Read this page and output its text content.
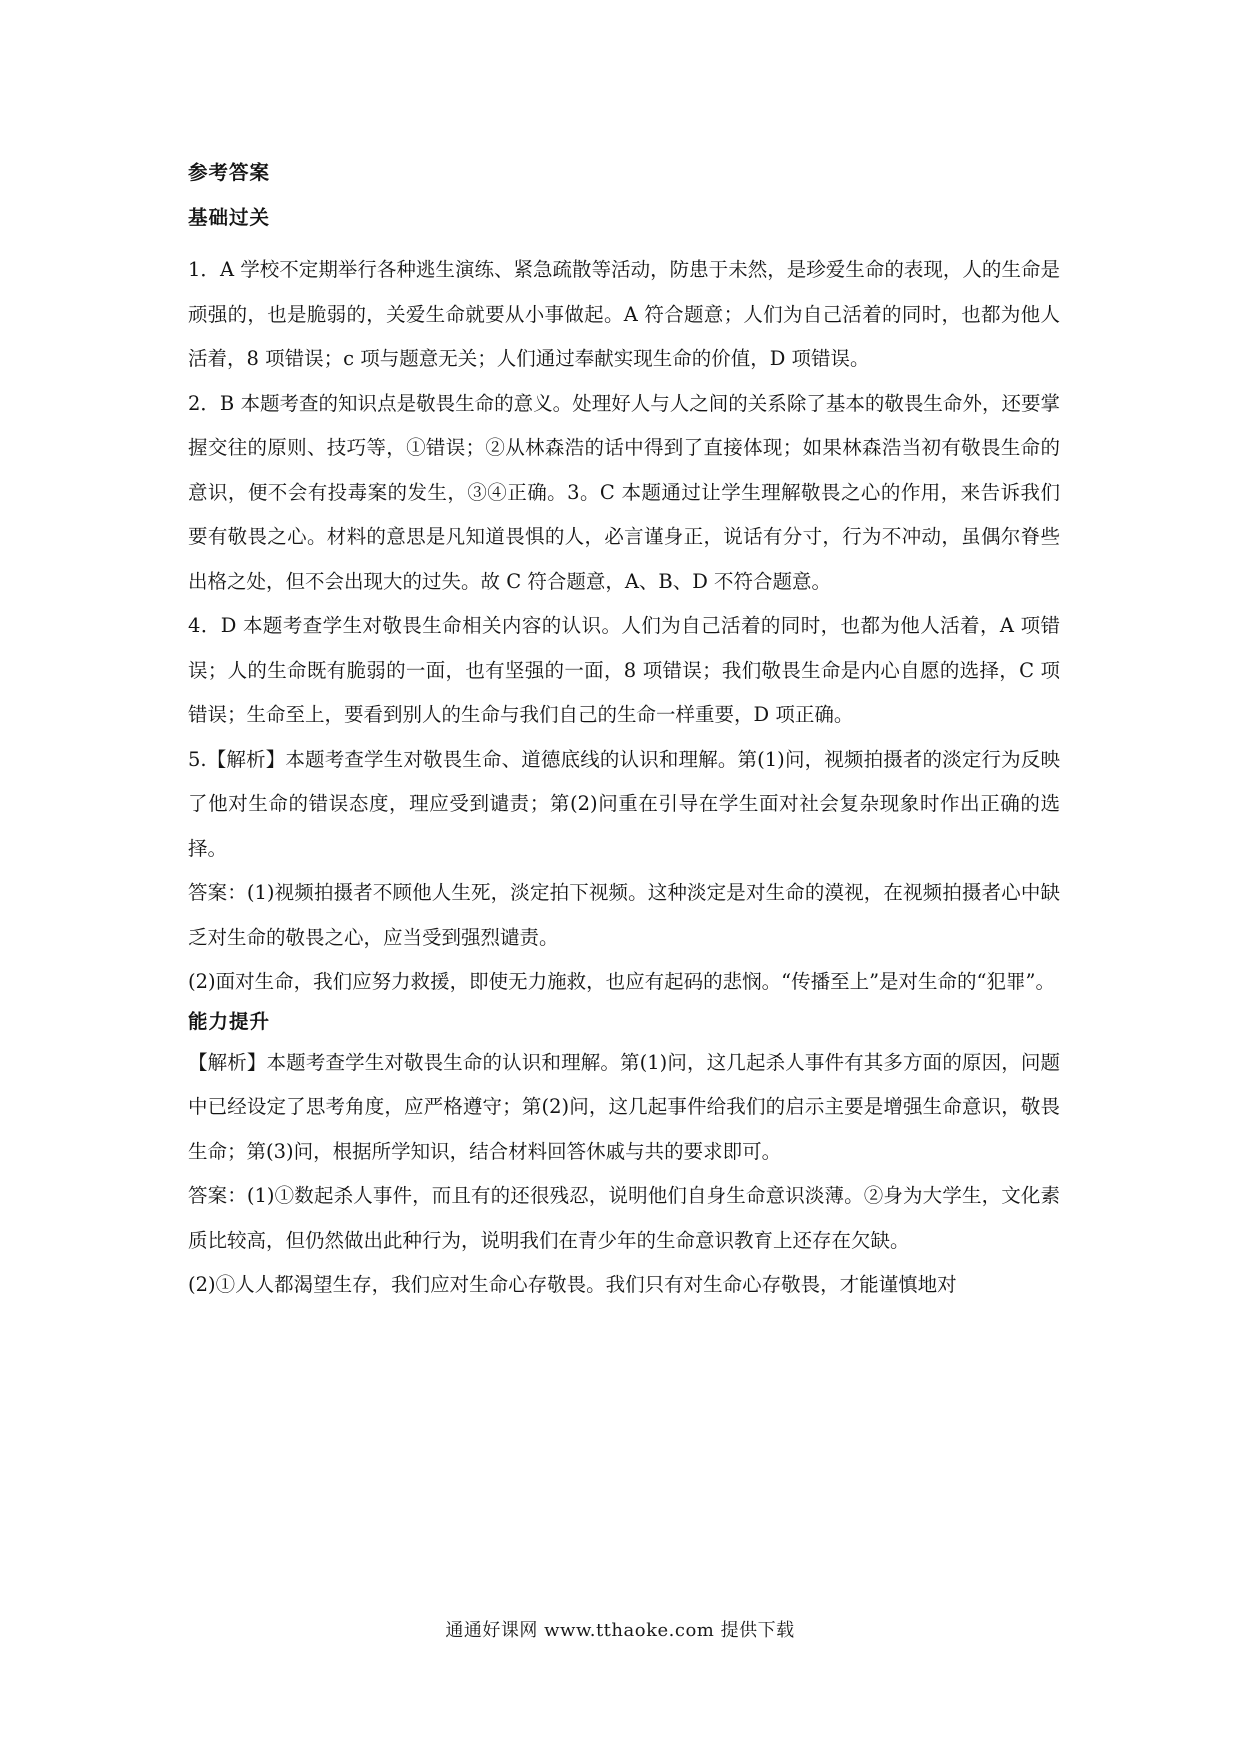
参考答案
基础过关

1．A 学校不定期举行各种逃生演练、紧急疏散等活动，防患于未然，是珍爱生命的表现，人的生命是顽强的，也是脆弱的，关爱生命就要从小事做起。A 符合题意；人们为自己活着的同时，也都为他人活着，8 项错误；c 项与题意无关；人们通过奉献实现生命的价值，D 项错误。

2．B 本题考查的知识点是敬畏生命的意义。处理好人与人之间的关系除了基本的敬畏生命外，还要掌握交往的原则、技巧等，①错误；②从林森浩的话中得到了直接体现；如果林森浩当初有敬畏生命的意识，便不会有投毒案的发生，③④正确。3。C 本题通过让学生理解敬畏之心的作用，来告诉我们要有敬畏之心。材料的意思是凡知道畏惧的人，必言谨身正，说话有分寸，行为不冲动，虽偶尔脊些出格之处，但不会出现大的过失。故 C 符合题意，A、B、D 不符合题意。

4．D 本题考查学生对敬畏生命相关内容的认识。人们为自己活着的同时，也都为他人活着，A 项错误；人的生命既有脆弱的一面，也有坚强的一面，8 项错误；我们敬畏生命是内心自愿的选择，C 项错误；生命至上，要看到别人的生命与我们自己的生命一样重要，D 项正确。

5.【解析】本题考查学生对敬畏生命、道德底线的认识和理解。第(1)问，视频拍摄者的淡定行为反映了他对生命的错误态度，理应受到谴责；第(2)问重在引导在学生面对社会复杂现象时作出正确的选择。

答案：(1)视频拍摄者不顾他人生死，淡定拍下视频。这种淡定是对生命的漠视，在视频拍摄者心中缺乏对生命的敬畏之心，应当受到强烈谴责。

(2)面对生命，我们应努力救援，即使无力施救，也应有起码的悲悯。“传播至上”是对生命的“犯罪”。

能力提升

【解析】本题考查学生对敬畏生命的认识和理解。第(1)问，这几起杀人事件有其多方面的原因，问题中已经设定了思考角度，应严格遵守；第(2)问，这几起事件给我们的启示主要是增强生命意识，敬畏生命；第(3)问，根据所学知识，结合材料回答休戚与共的要求即可。

答案：(1)①数起杀人事件，而且有的还很残忍，说明他们自身生命意识淡薄。②身为大学生，文化素质比较高，但仍然做出此种行为，说明我们在青少年的生命意识教育上还存在欠缺。

(2)①人人都渴望生存，我们应对生命心存敬畏。我们只有对生命心存敬畏，才能谨慎地对

通通好课网 www.tthaoke.com 提供下载
